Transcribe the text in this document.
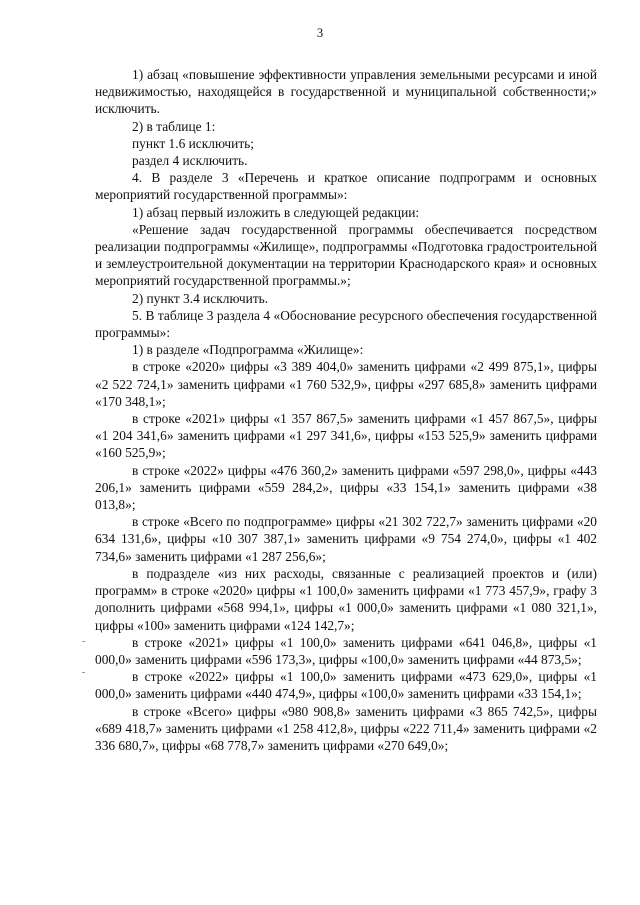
3

1) абзац «повышение эффективности управления земельными ресурсами и иной недвижимостью, находящейся в государственной и муниципальной собственности;» исключить.

2) в таблице 1:

пункт 1.6 исключить;

раздел 4 исключить.

4. В разделе 3 «Перечень и краткое описание подпрограмм и основных мероприятий государственной программы»:

1) абзац первый изложить в следующей редакции:

«Решение задач государственной программы обеспечивается посредством реализации подпрограммы «Жилище», подпрограммы «Подготовка градостроительной и землеустроительной документации на территории Краснодарского края» и основных мероприятий государственной программы.»;

2) пункт 3.4 исключить.

5. В таблице 3 раздела 4 «Обоснование ресурсного обеспечения государственной программы»:

1) в разделе «Подпрограмма «Жилище»:

в строке «2020» цифры «3 389 404,0» заменить цифрами «2 499 875,1», цифры «2 522 724,1» заменить цифрами «1 760 532,9», цифры «297 685,8» заменить цифрами «170 348,1»;

в строке «2021» цифры «1 357 867,5» заменить цифрами «1 457 867,5», цифры «1 204 341,6» заменить цифрами «1 297 341,6», цифры «153 525,9» заменить цифрами «160 525,9»;

в строке «2022» цифры «476 360,2» заменить цифрами «597 298,0», цифры «443 206,1» заменить цифрами «559 284,2», цифры «33 154,1» заменить цифрами «38 013,8»;

в строке «Всего по подпрограмме» цифры «21 302 722,7» заменить цифрами «20 634 131,6», цифры «10 307 387,1» заменить цифрами «9 754 274,0», цифры «1 402 734,6» заменить цифрами «1 287 256,6»;

в подразделе «из них расходы, связанные с реализацией проектов и (или) программ» в строке «2020» цифры «1 100,0» заменить цифрами «1 773 457,9», графу 3 дополнить цифрами «568 994,1», цифры «1 000,0» заменить цифрами «1 080 321,1», цифры «100» заменить цифрами «124 142,7»;

в строке «2021» цифры «1 100,0» заменить цифрами «641 046,8», цифры «1 000,0» заменить цифрами «596 173,3», цифры «100,0» заменить цифрами «44 873,5»;

в строке «2022» цифры «1 100,0» заменить цифрами «473 629,0», цифры «1 000,0» заменить цифрами «440 474,9», цифры «100,0» заменить цифрами «33 154,1»;

в строке «Всего» цифры «980 908,8» заменить цифрами «3 865 742,5», цифры «689 418,7» заменить цифрами «1 258 412,8», цифры «222 711,4» заменить цифрами «2 336 680,7», цифры «68 778,7» заменить цифрами «270 649,0»;
